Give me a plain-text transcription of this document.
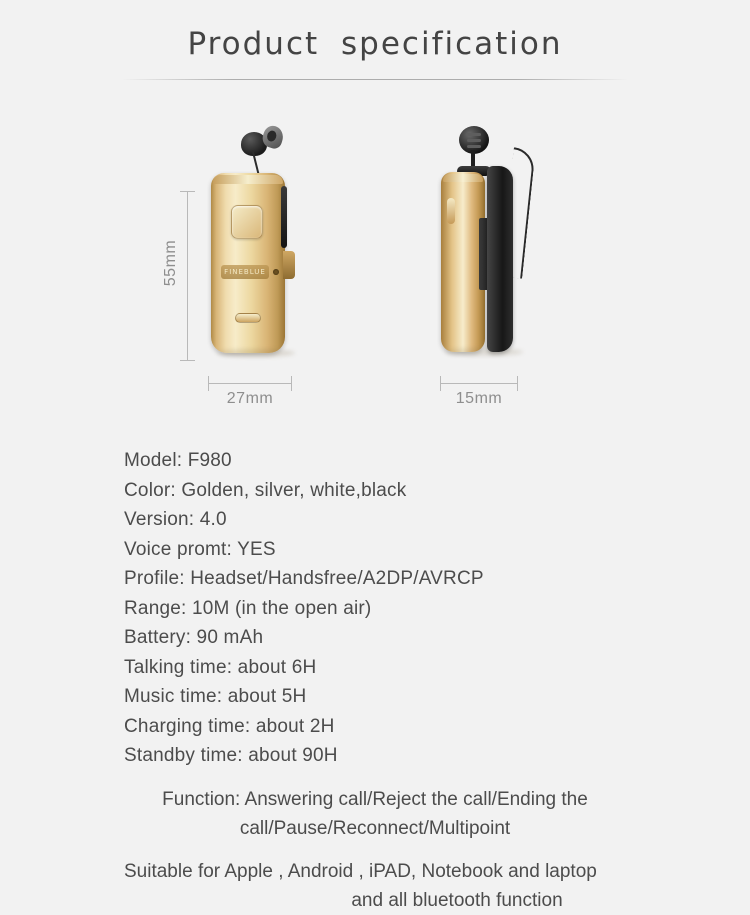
Product specification
55mm	FINEBLUE
27mm	15mm
Model: F980
Color: Golden, silver, white,black
Version: 4.0
Voice promt: YES
Profile: Headset/Handsfree/A2DP/AVRCP
Range: 10M (in the open air)
Battery: 90 mAh
Talking time: about 6H
Music time: about 5H
Charging time: about 2H
Standby time: about 90H
Function: Answering call/Reject the call/Ending the
call/Pause/Reconnect/Multipoint
Suitable for Apple , Android , iPAD, Notebook and laptop
and all bluetooth function
